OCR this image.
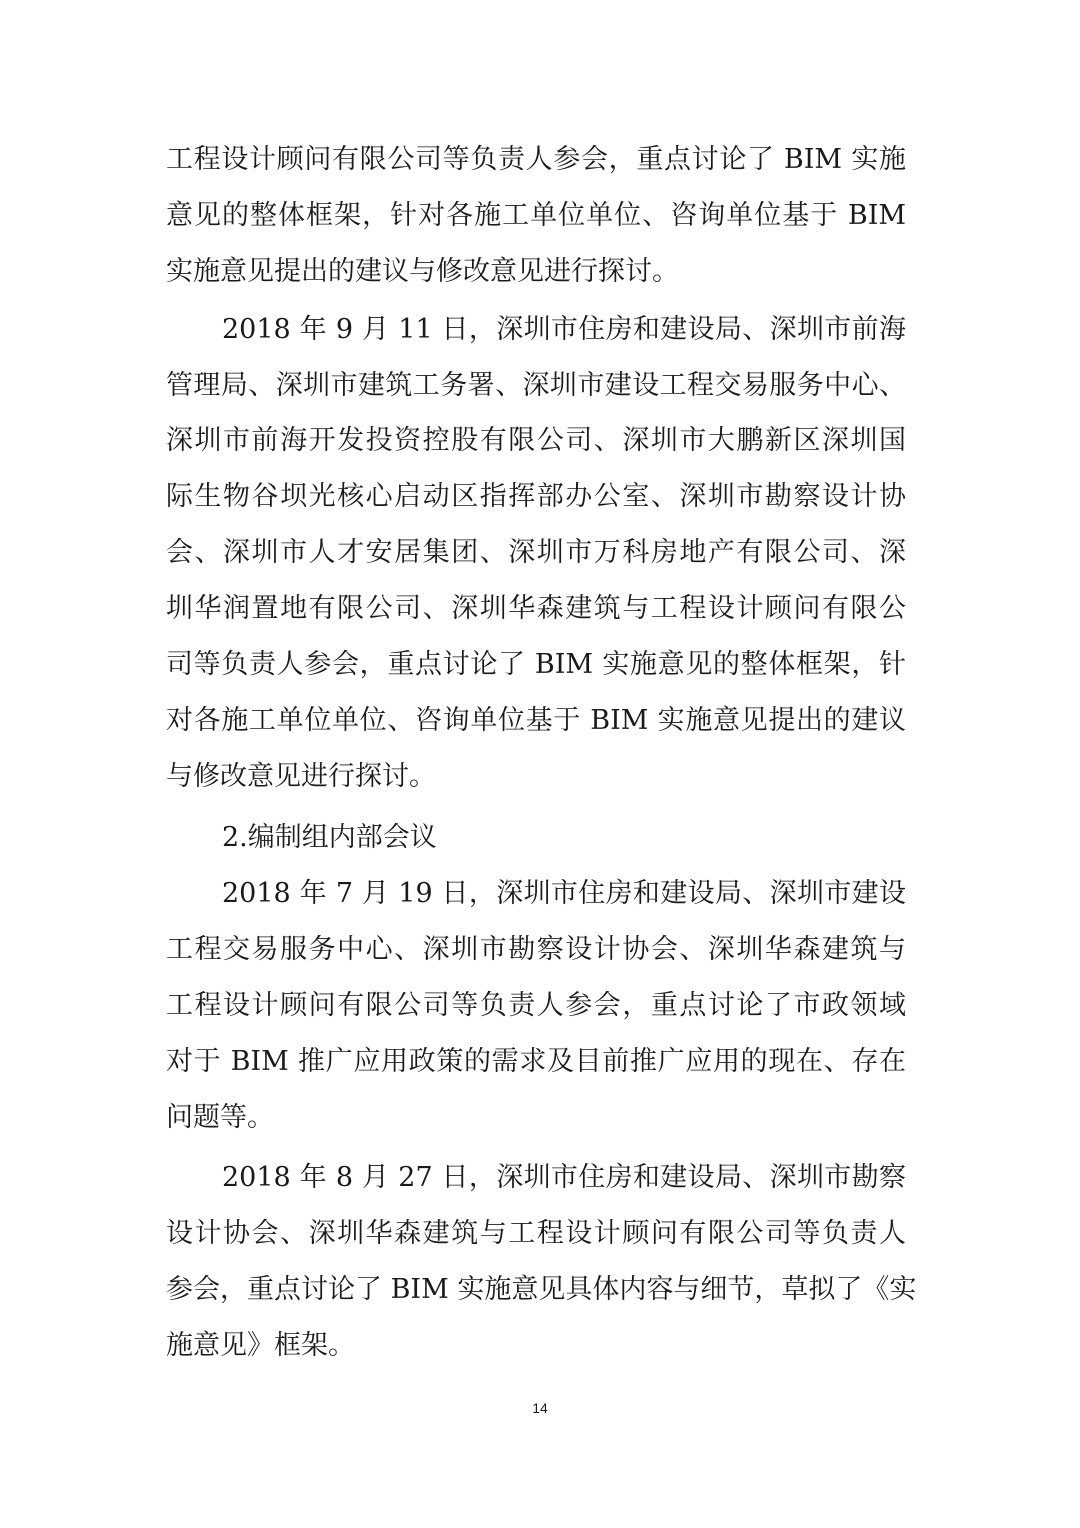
工程设计顾问有限公司等负责人参会，重点讨论了 BIM 实施
意见的整体框架，针对各施工单位单位、咨询单位基于 BIM
实施意见提出的建议与修改意见进行探讨。
2018 年 9 月 11 日，深圳市住房和建设局、深圳市前海
管理局、深圳市建筑工务署、深圳市建设工程交易服务中心、
深圳市前海开发投资控股有限公司、深圳市大鹏新区深圳国
际生物谷坝光核心启动区指挥部办公室、深圳市勘察设计协
会、深圳市人才安居集团、深圳市万科房地产有限公司、深
圳华润置地有限公司、深圳华森建筑与工程设计顾问有限公
司等负责人参会，重点讨论了 BIM 实施意见的整体框架，针
对各施工单位单位、咨询单位基于 BIM 实施意见提出的建议
与修改意见进行探讨。
2.编制组内部会议
2018 年 7 月 19 日，深圳市住房和建设局、深圳市建设
工程交易服务中心、深圳市勘察设计协会、深圳华森建筑与
工程设计顾问有限公司等负责人参会，重点讨论了市政领域
对于 BIM 推广应用政策的需求及目前推广应用的现在、存在
问题等。
2018 年 8 月 27 日，深圳市住房和建设局、深圳市勘察
设计协会、深圳华森建筑与工程设计顾问有限公司等负责人
参会，重点讨论了 BIM 实施意见具体内容与细节，草拟了《实
施意见》框架。
14
